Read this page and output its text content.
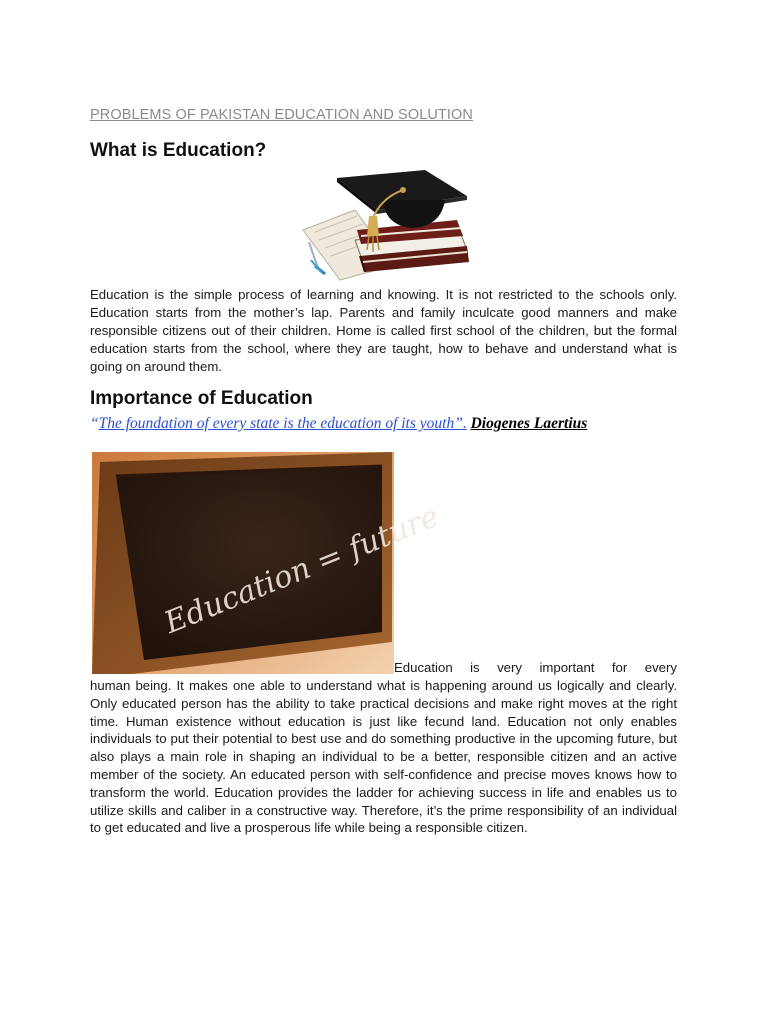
PROBLEMS OF PAKISTAN EDUCATION AND SOLUTION

What is Education?

Education is the simple process of learning and knowing. It is not restricted to the schools only. Education starts from the mother’s lap. Parents and family inculcate good manners and make responsible citizens out of their children. Home is called first school of the children, but the formal education starts from the school, where they are taught, how to behave and understand what is going on around them.

Importance of Education

“The foundation of every state is the education of its youth”. Diogenes Laertius

Education = future

Education is very important for every
human being. It makes one able to understand what is happening around us logically and clearly. Only educated person has the ability to take practical decisions and make right moves at the right time. Human existence without education is just like fecund land. Education not only enables individuals to put their potential to best use and do something productive in the upcoming future, but also plays a main role in shaping an individual to be a better, responsible citizen and an active member of the society. An educated person with self-confidence and precise moves knows how to transform the world. Education provides the ladder for achieving success in life and enables us to utilize skills and caliber in a constructive way. Therefore, it’s the prime responsibility of an individual to get educated and live a prosperous life while being a responsible citizen.
